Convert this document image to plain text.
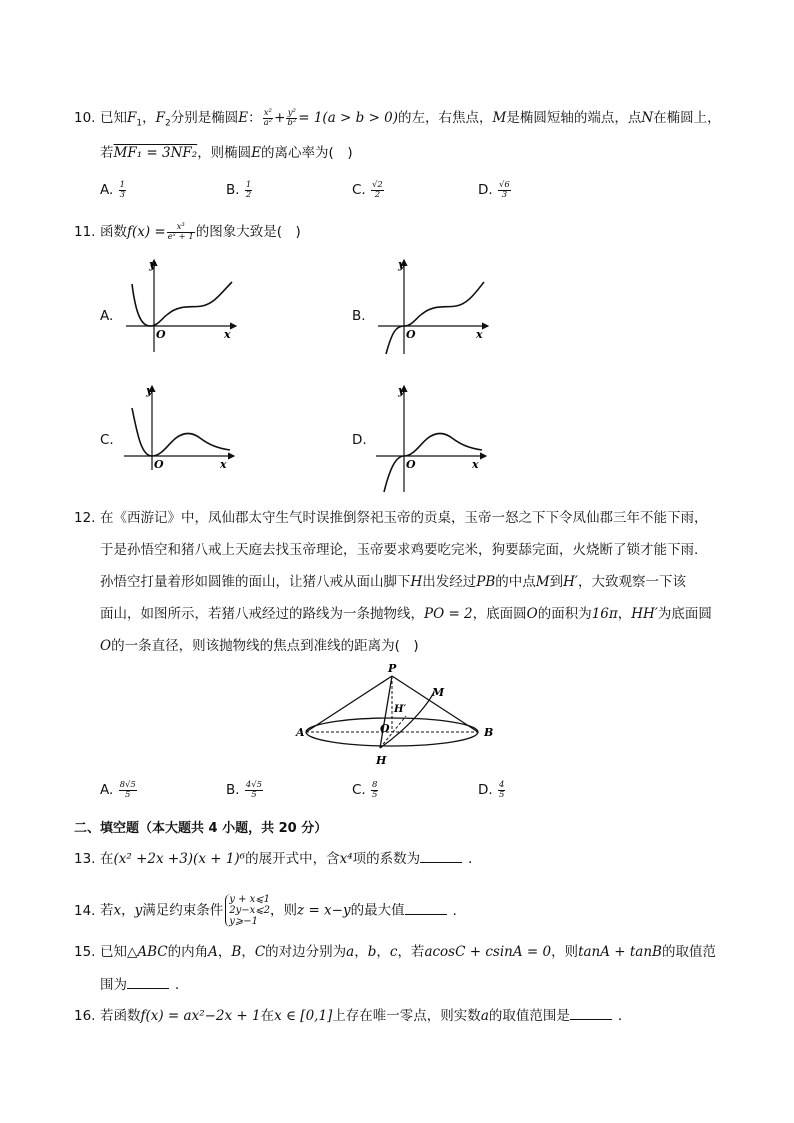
10. 已知$F_1$，$F_2$分别是椭圆E： $\frac{\text{x²}}{\text{a²}} + \frac{\text{y²}}{\text{b²}} = 1(a > b > 0)$的左，右焦点，M是椭圆短轴的端点，点N在椭圆上，
若MF₁ = 3NF₂，则椭圆E的离心率为(　)
A. $\frac{1}{3}$	B. $\frac{1}{2}$	C. $\frac{√2}{2}$	D. $\frac{√6}{3}$
11. 函数$f(x) = \frac{\text{x³}}{\text{eˣ + 1}}$ 的图象大致是(　)
A.
y
x
O
B.
y
x
O
C.
y
x
O
D.
y
x
O
12. 在《西游记》中，凤仙郡太守生气时误推倒祭祀玉帝的贡桌，玉帝一怒之下下令凤仙郡三年不能下雨，
于是孙悟空和猪八戒上天庭去找玉帝理论，玉帝要求鸡要吃完米，狗要舔完面，火烧断了锁才能下雨.
孙悟空打量着形如圆锥的面山，让猪八戒从面山脚下H出发经过PB的中点M到H′，大致观察一下该
面山，如图所示，若猪八戒经过的路线为一条抛物线，PO = 2，底面圆O的面积为16π，HH′为底面圆
O的一条直径，则该抛物线的焦点到准线的距离为(　)
P
M
H′
O
A	B
H
A. $\frac{8√5}{5}$	B. $\frac{4√5}{5}$	C. $\frac{8}{5}$	D. $\frac{4}{5}$
二、填空题（本大题共 4 小题，共 20 分）
13. 在(x² +2x +3)(x + 1)⁶的展开式中，含x⁴项的系数为	．
14. 若x，y满足约束条件
y + x⩽1
2y−x⩽2
y⩾−1
，则z = x−y的最大值	．
15. 已知△ABC的内角A，B，C的对边分别为a，b，c，若acosC + csinA = 0，则tanA + tanB的取值范
围为	．
16. 若函数f(x) = ax²−2x + 1在x ∈ [0,1]上存在唯一零点，则实数a的取值范围是	．
